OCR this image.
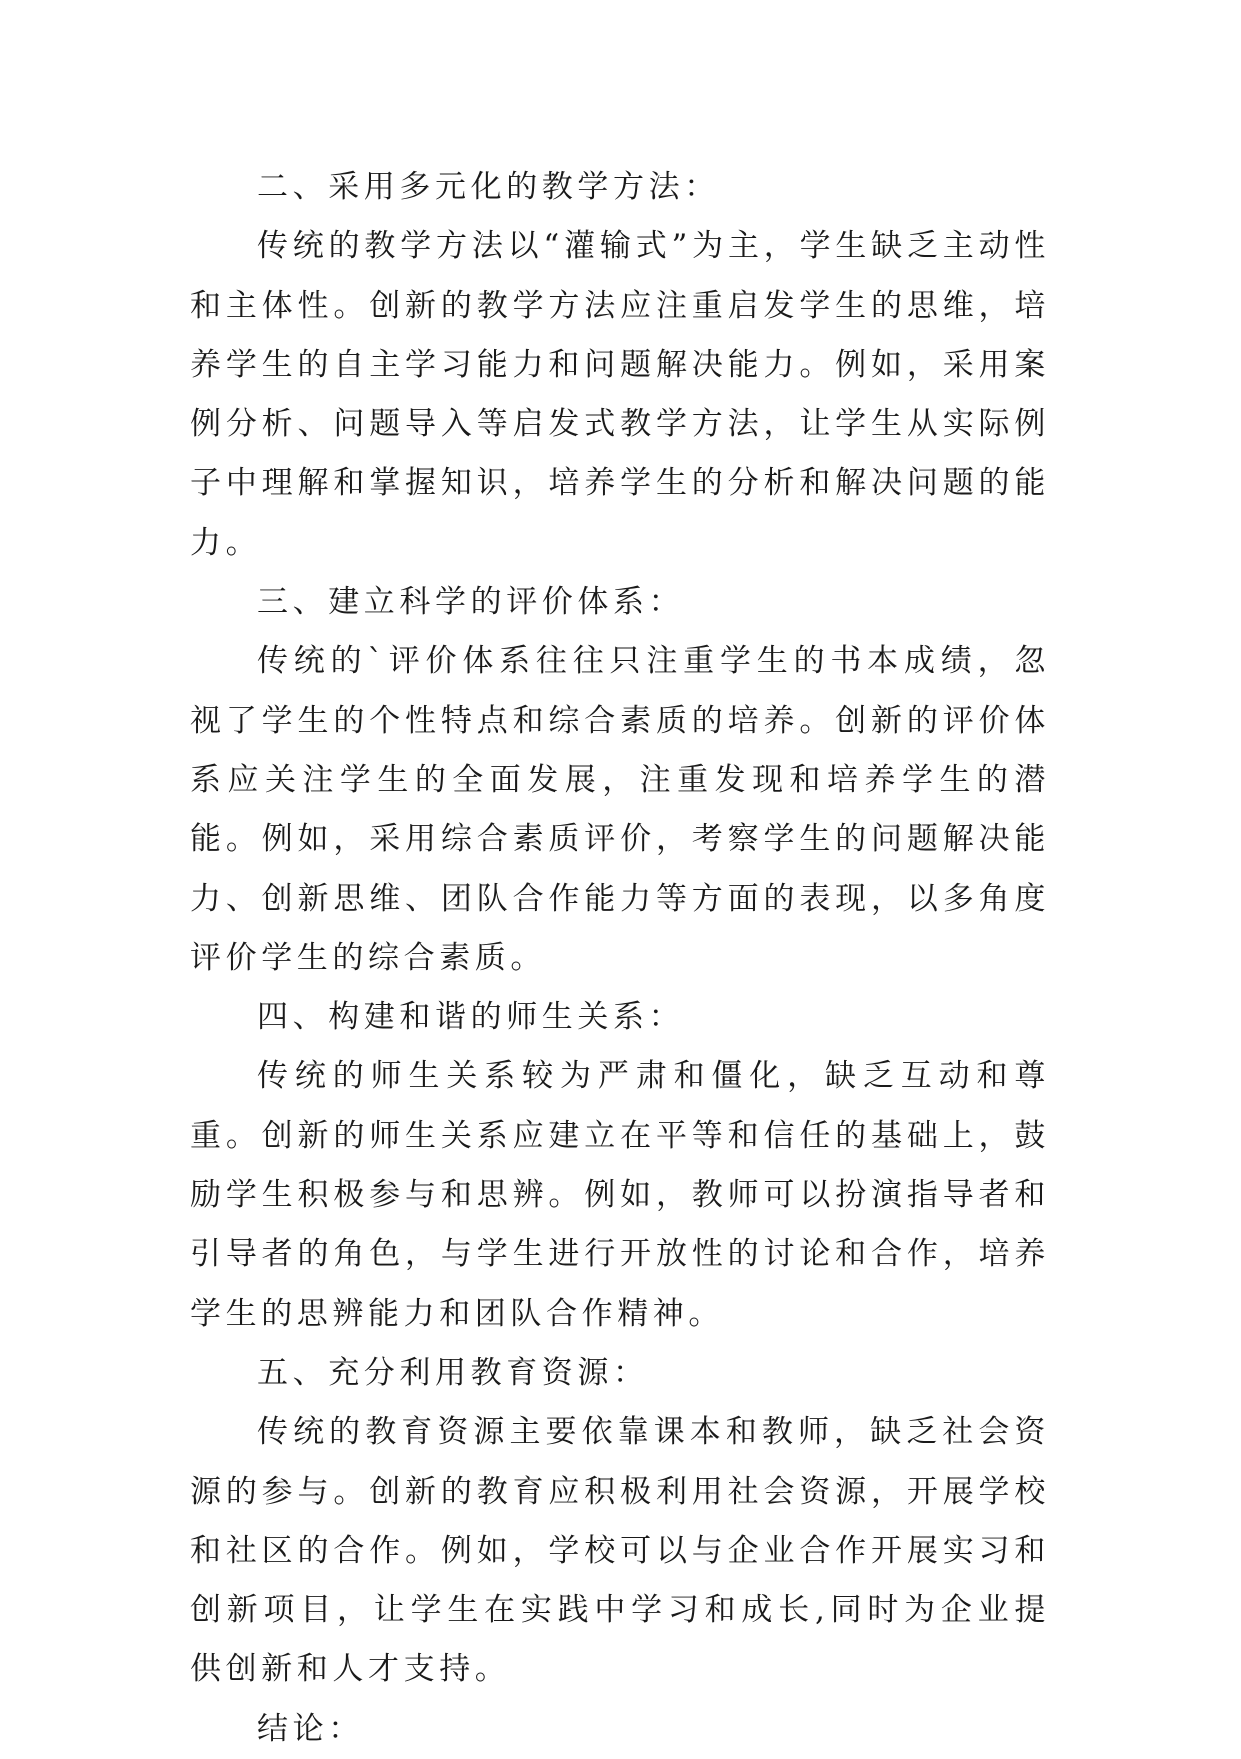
二、采用多元化的教学方法：

传统的教学方法以“灌输式”为主，学生缺乏主动性和主体性。创新的教学方法应注重启发学生的思维，培养学生的自主学习能力和问题解决能力。例如，采用案例分析、问题导入等启发式教学方法，让学生从实际例子中理解和掌握知识，培养学生的分析和解决问题的能力。

三、建立科学的评价体系：

传统的`评价体系往往只注重学生的书本成绩，忽视了学生的个性特点和综合素质的培养。创新的评价体系应关注学生的全面发展，注重发现和培养学生的潜能。例如，采用综合素质评价，考察学生的问题解决能力、创新思维、团队合作能力等方面的表现，以多角度评价学生的综合素质。

四、构建和谐的师生关系：

传统的师生关系较为严肃和僵化，缺乏互动和尊重。创新的师生关系应建立在平等和信任的基础上，鼓励学生积极参与和思辨。例如，教师可以扮演指导者和引导者的角色，与学生进行开放性的讨论和合作，培养学生的思辨能力和团队合作精神。

五、充分利用教育资源：

传统的教育资源主要依靠课本和教师，缺乏社会资源的参与。创新的教育应积极利用社会资源，开展学校和社区的合作。例如，学校可以与企业合作开展实习和创新项目，让学生在实践中学习和成长,同时为企业提供创新和人才支持。

结论：
